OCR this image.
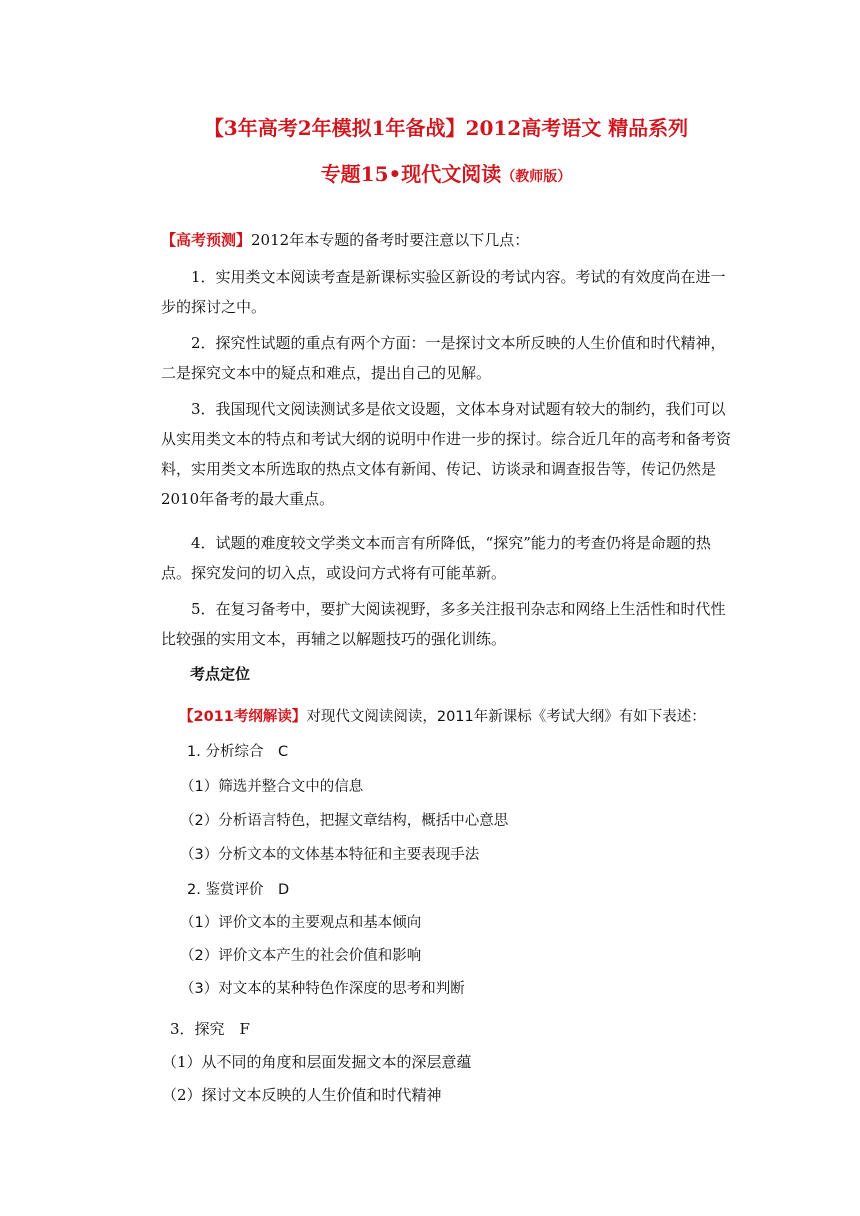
【3年高考2年模拟1年备战】2012高考语文 精品系列
专题15•现代文阅读（教师版）

【高考预测】2012年本专题的备考时要注意以下几点：

1．实用类文本阅读考查是新课标实验区新设的考试内容。考试的有效度尚在进一步的探讨之中。

2．探究性试题的重点有两个方面：一是探讨文本所反映的人生价值和时代精神，二是探究文本中的疑点和难点，提出自己的见解。

3．我国现代文阅读测试多是依文设题，文体本身对试题有较大的制约，我们可以从实用类文本的特点和考试大纲的说明中作进一步的探讨。综合近几年的高考和备考资料，实用类文本所选取的热点文体有新闻、传记、访谈录和调查报告等，传记仍然是2010年备考的最大重点。

4．试题的难度较文学类文本而言有所降低，“探究”能力的考查仍将是命题的热点。探究发问的切入点，或设问方式将有可能革新。

5．在复习备考中，要扩大阅读视野，多多关注报刊杂志和网络上生活性和时代性比较强的实用文本，再辅之以解题技巧的强化训练。

考点定位

【2011考纲解读】对现代文阅读阅读，2011年新课标《考试大纲》有如下表述：

1. 分析综合　C

（1）筛选并整合文中的信息

（2）分析语言特色，把握文章结构，概括中心意思

（3）分析文本的文体基本特征和主要表现手法

2. 鉴赏评价　D

（1）评价文本的主要观点和基本倾向

（2）评价文本产生的社会价值和影响

（3）对文本的某种特色作深度的思考和判断

3．探究　F

（1）从不同的角度和层面发掘文本的深层意蕴

（2）探讨文本反映的人生价值和时代精神
